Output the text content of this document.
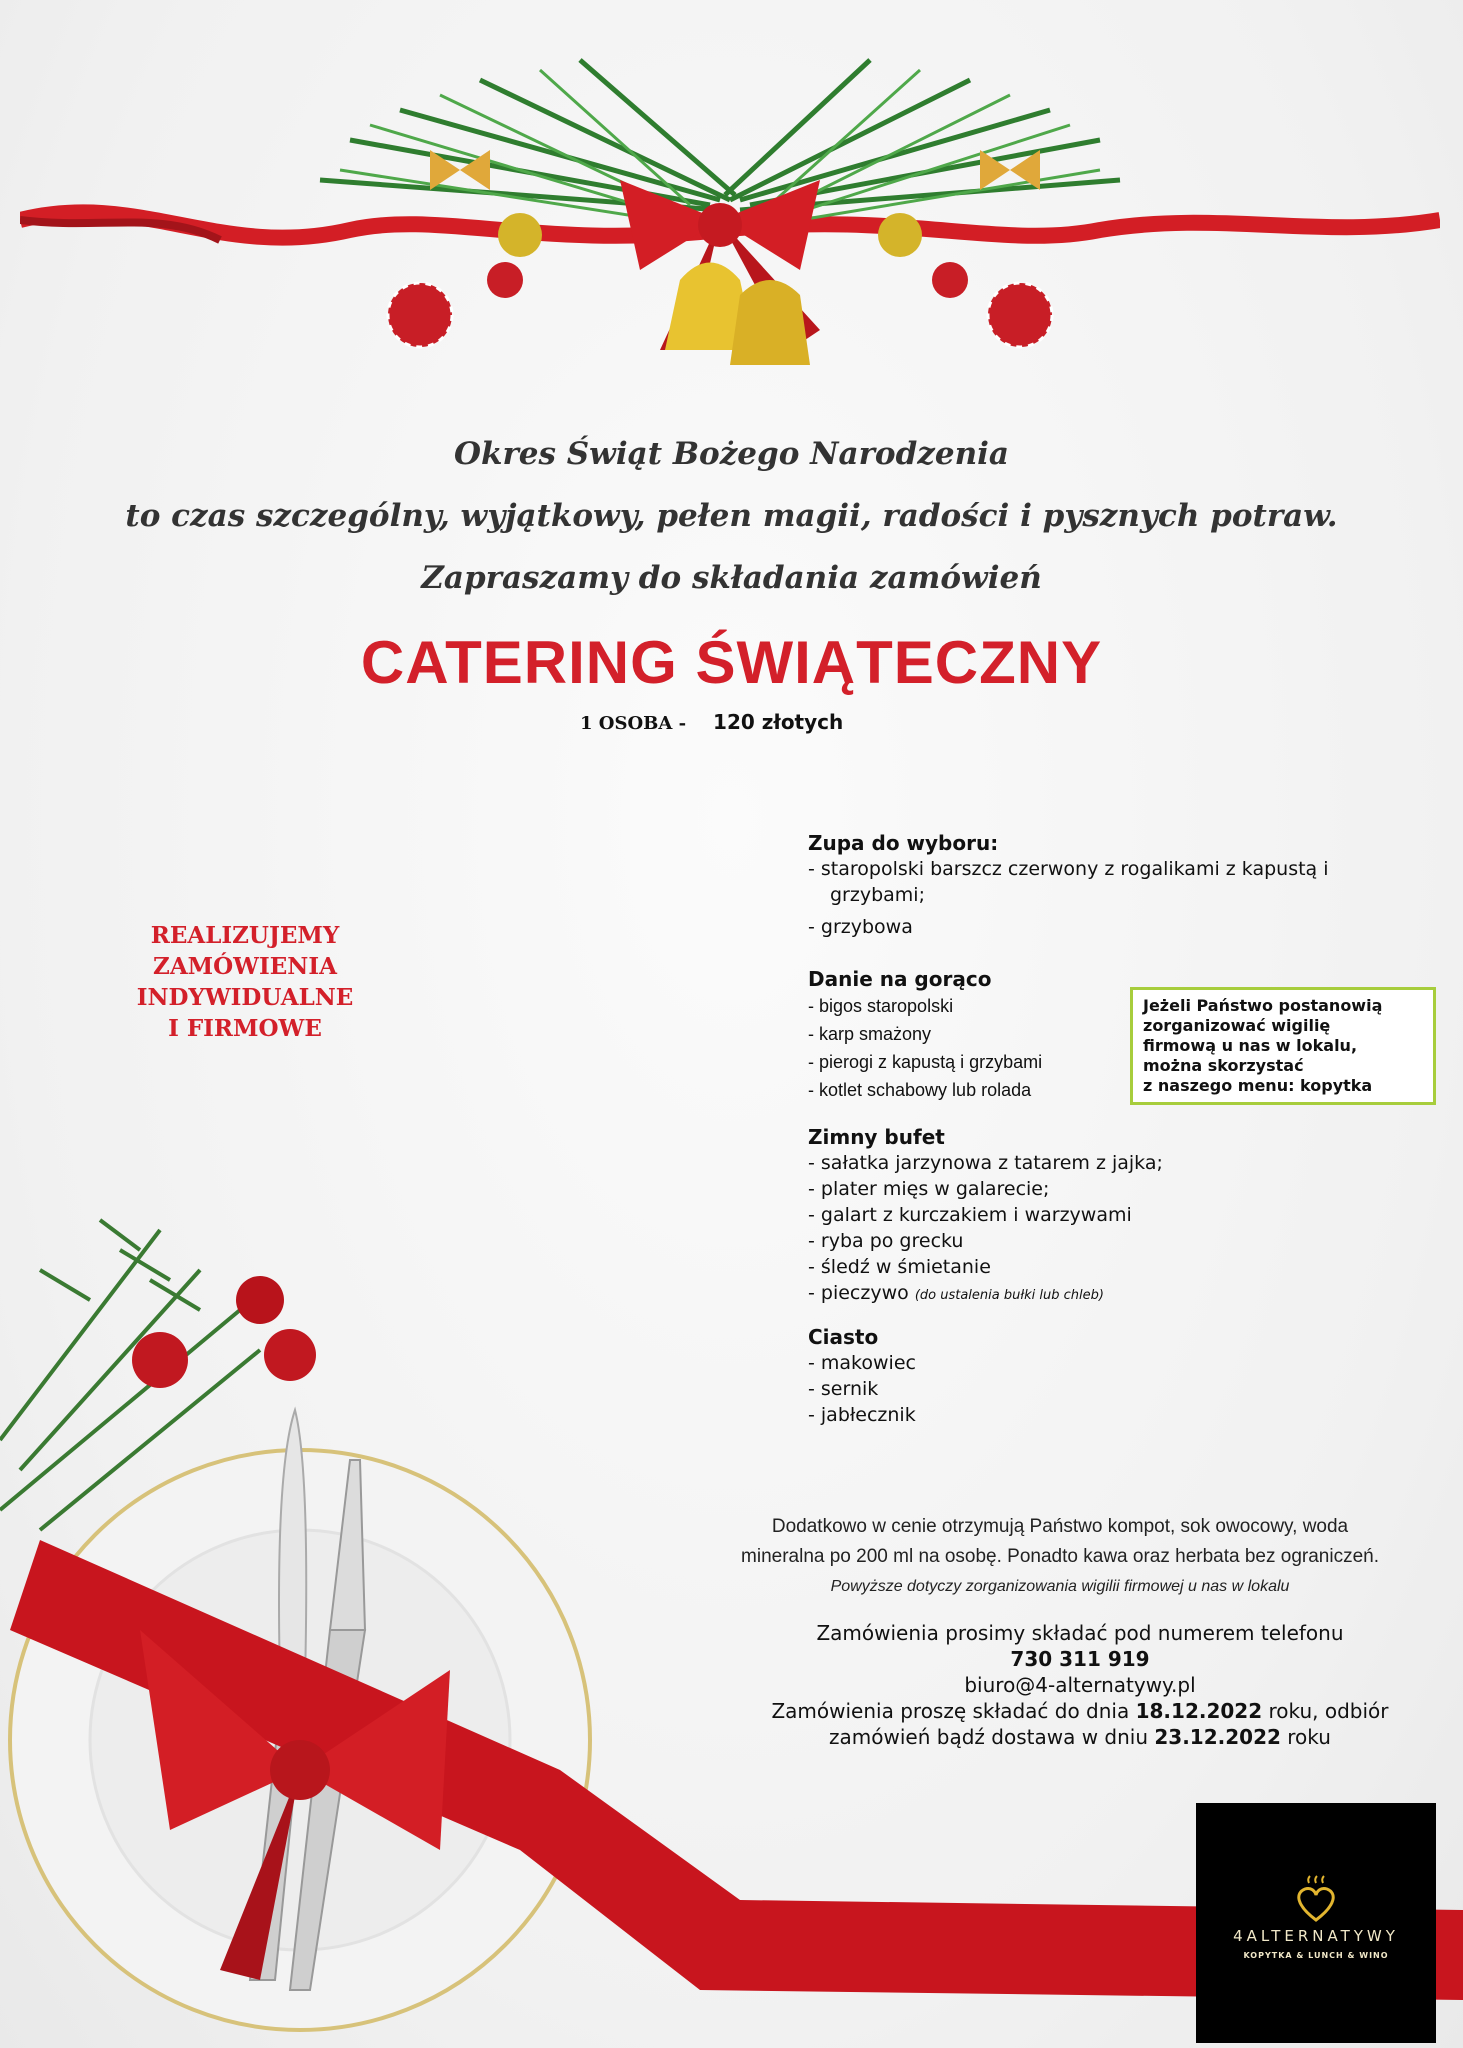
Okres Świąt Bożego Narodzenia
to czas szczególny, wyjątkowy, pełen magii, radości i pysznych potraw.
Zapraszamy do składania zamówień
CATERING ŚWIĄTECZNY
1 OSOBA - 120 złotych
REALIZUJEMY
ZAMÓWIENIA
INDYWIDUALNE
I FIRMOWE
Zupa do wyboru:
- staropolski barszcz czerwony z rogalikami z kapustą i grzybami;
- grzybowa
Danie na gorąco
- bigos staropolski
- karp smażony
- pierogi z kapustą i grzybami
- kotlet schabowy lub rolada
Jeżeli Państwo postanowią
zorganizować wigilię
firmową u nas w lokalu,
można skorzystać
z naszego menu: kopytka
Zimny bufet
- sałatka jarzynowa z tatarem z jajka;
- plater mięs w galarecie;
- galart z kurczakiem i warzywami
- ryba po grecku
- śledź w śmietanie
- pieczywo (do ustalenia bułki lub chleb)
Ciasto
- makowiec
- sernik
- jabłecznik
Dodatkowo w cenie otrzymują Państwo kompot, sok owocowy, woda
mineralna po 200 ml na osobę. Ponadto kawa oraz herbata bez ograniczeń.
Powyższe dotyczy zorganizowania wigilii firmowej u nas w lokalu
Zamówienia prosimy składać pod numerem telefonu
730 311 919
biuro@4-alternatywy.pl
Zamówienia proszę składać do dnia 18.12.2022 roku, odbiór
zamówień bądź dostawa w dniu 23.12.2022 roku
4ALTERNATYWY
KOPYTKA & LUNCH & WINO
